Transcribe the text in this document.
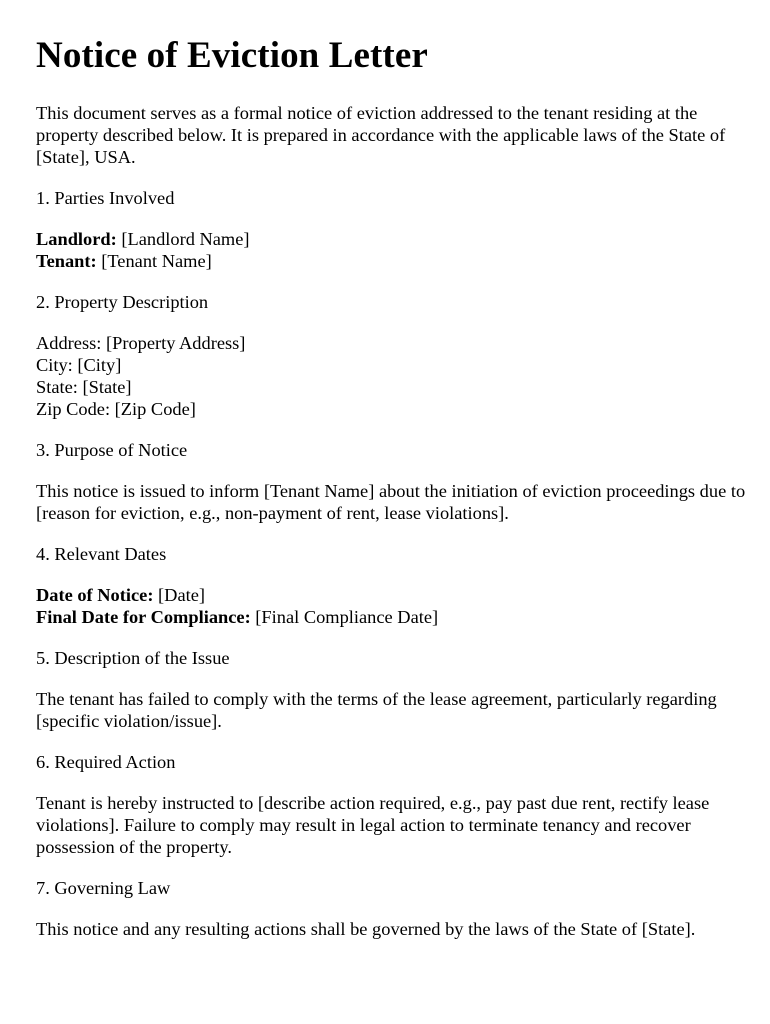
Notice of Eviction Letter

This document serves as a formal notice of eviction addressed to the tenant residing at the property described below. It is prepared in accordance with the applicable laws of the State of [State], USA.

1. Parties Involved

Landlord: [Landlord Name]
Tenant: [Tenant Name]

2. Property Description

Address: [Property Address]
City: [City]
State: [State]
Zip Code: [Zip Code]

3. Purpose of Notice

This notice is issued to inform [Tenant Name] about the initiation of eviction proceedings due to [reason for eviction, e.g., non-payment of rent, lease violations].

4. Relevant Dates

Date of Notice: [Date]
Final Date for Compliance: [Final Compliance Date]

5. Description of the Issue

The tenant has failed to comply with the terms of the lease agreement, particularly regarding [specific violation/issue].

6. Required Action

Tenant is hereby instructed to [describe action required, e.g., pay past due rent, rectify lease violations]. Failure to comply may result in legal action to terminate tenancy and recover possession of the property.

7. Governing Law

This notice and any resulting actions shall be governed by the laws of the State of [State].
